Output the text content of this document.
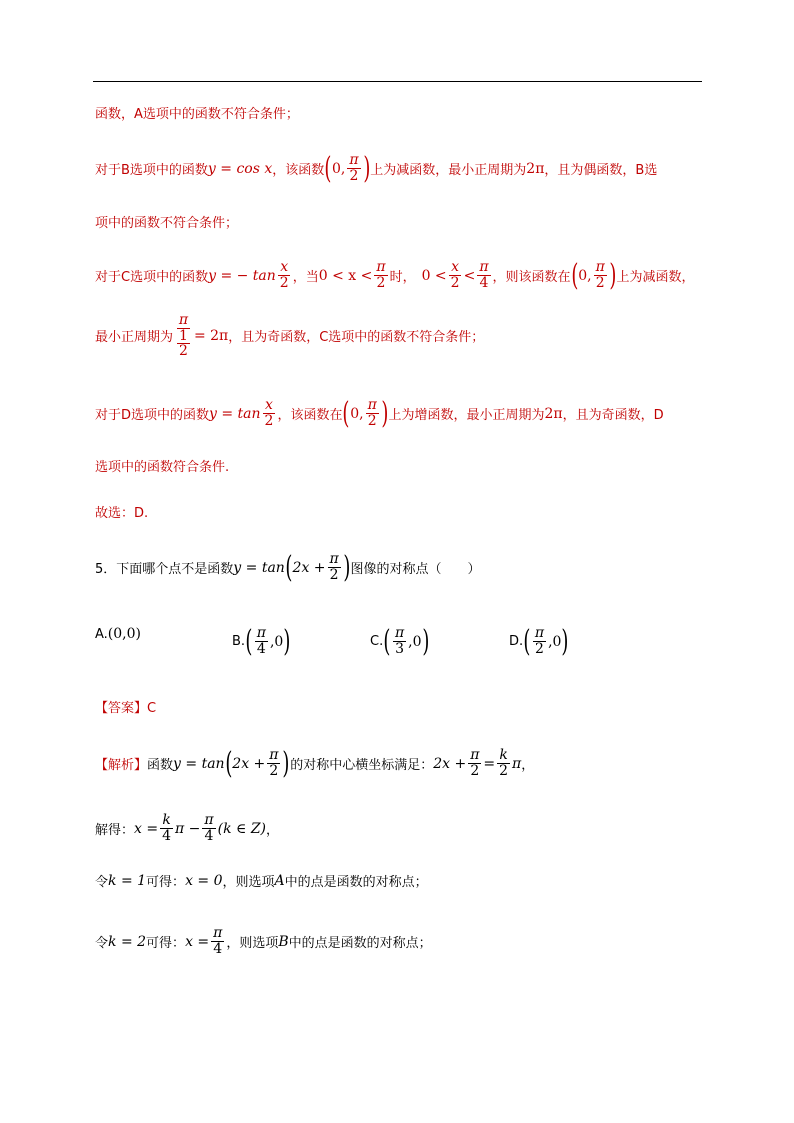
函数，A选项中的函数不符合条件；
对于B选项中的函数 y = cos x ，该函数 ( 0, $\frac{\pi}{2}$ ) 上为减函数，最小正周期为 2π ，且为偶函数，B选
项中的函数不符合条件；
对于C选项中的函数 y = − $\tan \frac{x}{2}$ ，当 $0 < x < \frac{\pi}{2}$ 时， $0 < \frac{x}{2} < \frac{\pi}{4}$ ，则该函数在 ( 0, $\frac{\pi}{2}$ ) 上为减函数，
最小正周期为 π
1
2 = 2π ，且为奇函数，C选项中的函数不符合条件；
对于D选项中的函数 $y = \tan \frac{x}{2}$ ，该函数在 ( 0, $\frac{\pi}{2}$ ) 上为增函数，最小正周期为 2π ，且为奇函数，D
选项中的函数符合条件.
故选：D.
5．下面哪个点不是函数 y = tan ( $2x + \frac{\pi}{2}$ ) 图像的对称点（　　）
A. (0,0)	B. ( $\frac{\pi}{4} ,0$ )	C. ( $\frac{\pi}{3} ,0$ )	D. ( $\frac{\pi}{2} ,0$ )
【答案】C
【解析】 函数 y = tan ( $2x + \frac{\pi}{2}$ ) 的对称中心横坐标满足： $2x + \frac{\pi}{2} = \frac{k}{2}$ π ，
解得： $x = \frac{k}{4}$ $\pi - \frac{\pi}{4} (k$ ∈ Z) ，
令 k = 1 可得： x = 0 ，则选项 A 中的点是函数的对称点；
令 k = 2 可得： $x = \frac{\pi}{4}$ ，则选项 B 中的点是函数的对称点；
